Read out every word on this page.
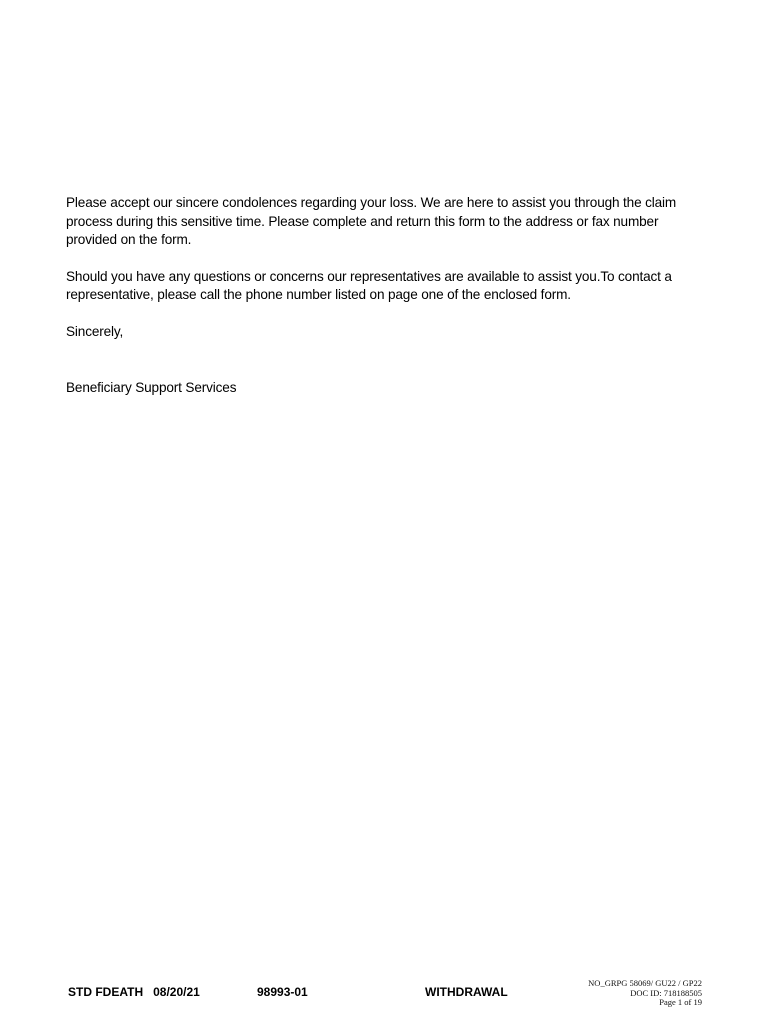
Please accept our sincere condolences regarding your loss. We are here to assist you through the claim process during this sensitive time. Please complete and return this form to the address or fax number provided on the form.

Should you have any questions or concerns our representatives are available to assist you.To contact a representative, please call the phone number listed on page one of the enclosed form.

Sincerely,

Beneficiary Support Services
STD FDEATH 08/20/21	98993-01	WITHDRAWAL
NO_GRPG 58069/ GU22 / GP22
DOC ID: 718188505
Page 1 of 19
